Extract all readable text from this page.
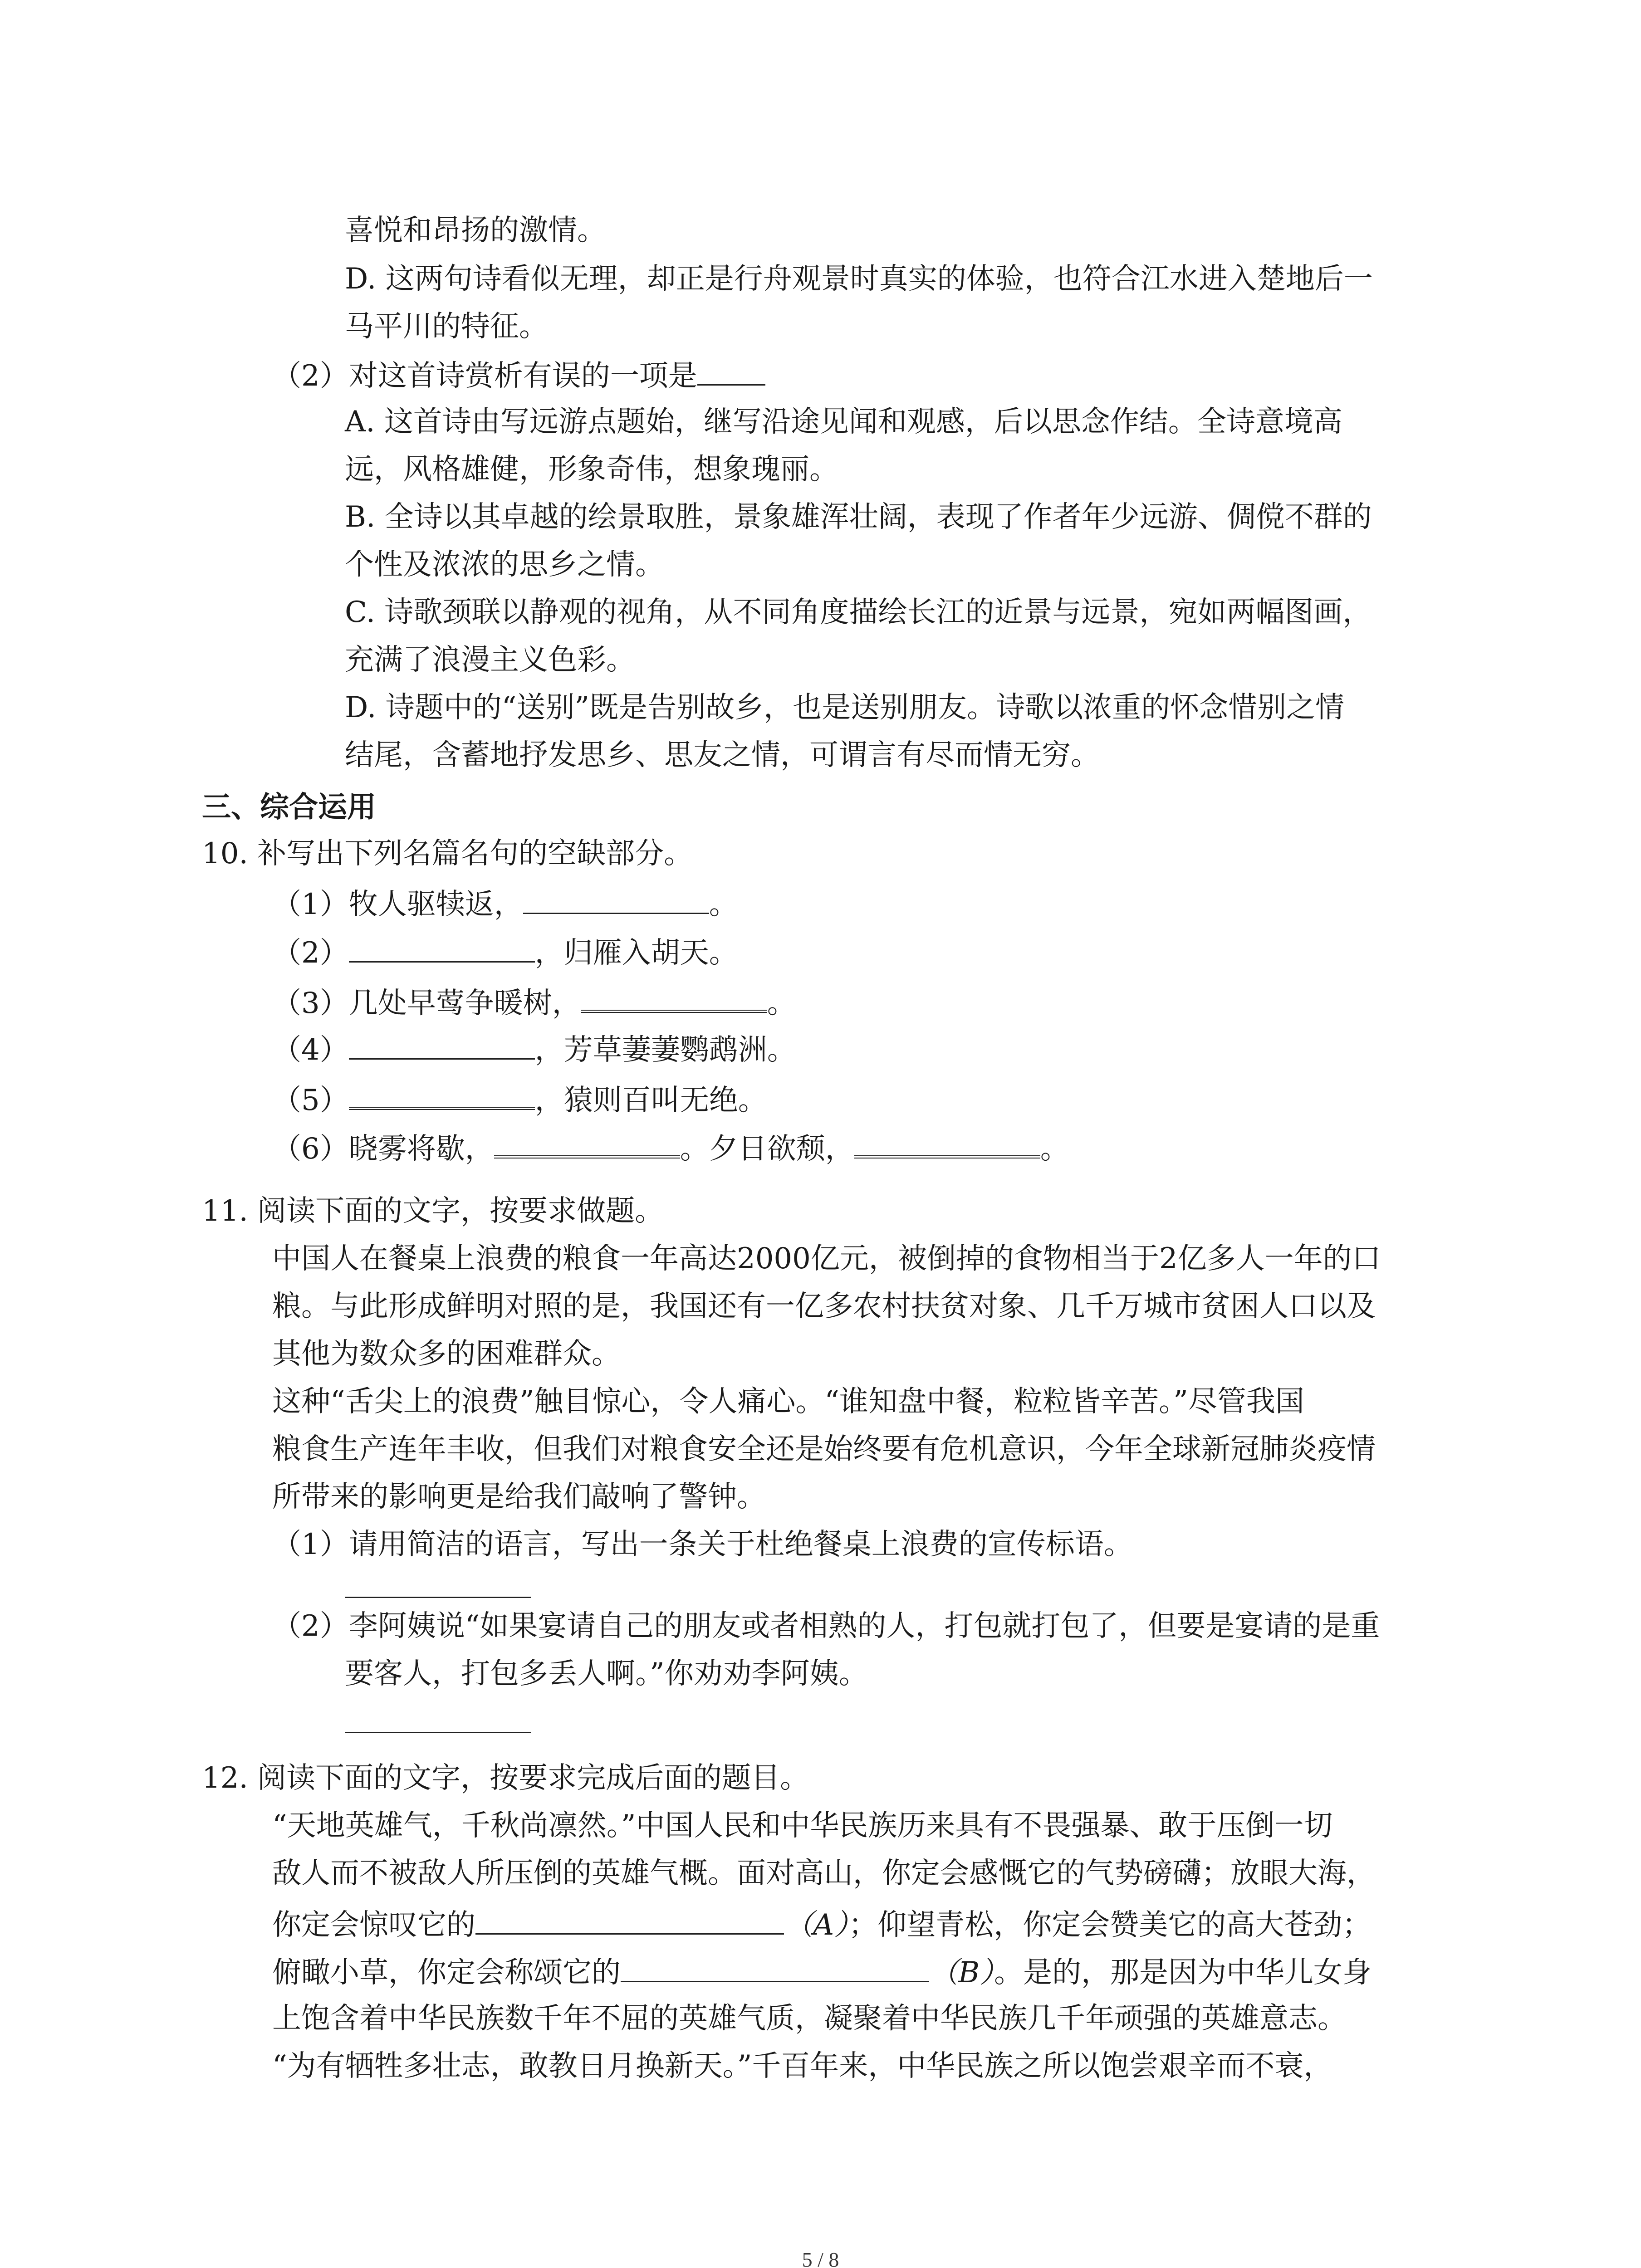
喜悦和昂扬的激情。
D. 这两句诗看似无理，却正是行舟观景时真实的体验，也符合江水进入楚地后一
马平川的特征。
（2）对这首诗赏析有误的一项是
A. 这首诗由写远游点题始，继写沿途见闻和观感，后以思念作结。全诗意境高
远，风格雄健，形象奇伟，想象瑰丽。
B. 全诗以其卓越的绘景取胜，景象雄浑壮阔，表现了作者年少远游、倜傥不群的
个性及浓浓的思乡之情。
C. 诗歌颈联以静观的视角，从不同角度描绘长江的近景与远景，宛如两幅图画，
充满了浪漫主义色彩。
D. 诗题中的“送别”既是告别故乡，也是送别朋友。诗歌以浓重的怀念惜别之情
结尾，含蓄地抒发思乡、思友之情，可谓言有尽而情无穷。
三、综合运用
10. 补写出下列名篇名句的空缺部分。
（1）牧人驱犊返，	。
（2）	，归雁入胡天。
（3）几处早莺争暖树，	。
（4）	，芳草萋萋鹦鹉洲。
（5）	，猿则百叫无绝。
（6）晓雾将歇，	。夕日欲颓，	。
11. 阅读下面的文字，按要求做题。
中国人在餐桌上浪费的粮食一年高达2000亿元，被倒掉的食物相当于2亿多人一年的口
粮。与此形成鲜明对照的是，我国还有一亿多农村扶贫对象、几千万城市贫困人口以及
其他为数众多的困难群众。
这种“舌尖上的浪费”触目惊心，令人痛心。“谁知盘中餐，粒粒皆辛苦。”尽管我国
粮食生产连年丰收，但我们对粮食安全还是始终要有危机意识，今年全球新冠肺炎疫情
所带来的影响更是给我们敲响了警钟。
（1）请用简洁的语言，写出一条关于杜绝餐桌上浪费的宣传标语。
（2）李阿姨说“如果宴请自己的朋友或者相熟的人，打包就打包了，但要是宴请的是重
要客人，打包多丢人啊。”你劝劝李阿姨。
12. 阅读下面的文字，按要求完成后面的题目。
“天地英雄气，千秋尚凛然。”中国人民和中华民族历来具有不畏强暴、敢于压倒一切
敌人而不被敌人所压倒的英雄气概。面对高山，你定会感慨它的气势磅礴；放眼大海，
你定会惊叹它的	（A）；仰望青松，你定会赞美它的高大苍劲；
俯瞰小草，你定会称颂它的	（B）。是的，那是因为中华儿女身
上饱含着中华民族数千年不屈的英雄气质，凝聚着中华民族几千年顽强的英雄意志。
“为有牺牲多壮志，敢教日月换新天。”千百年来，中华民族之所以饱尝艰辛而不衰，
5 / 8
